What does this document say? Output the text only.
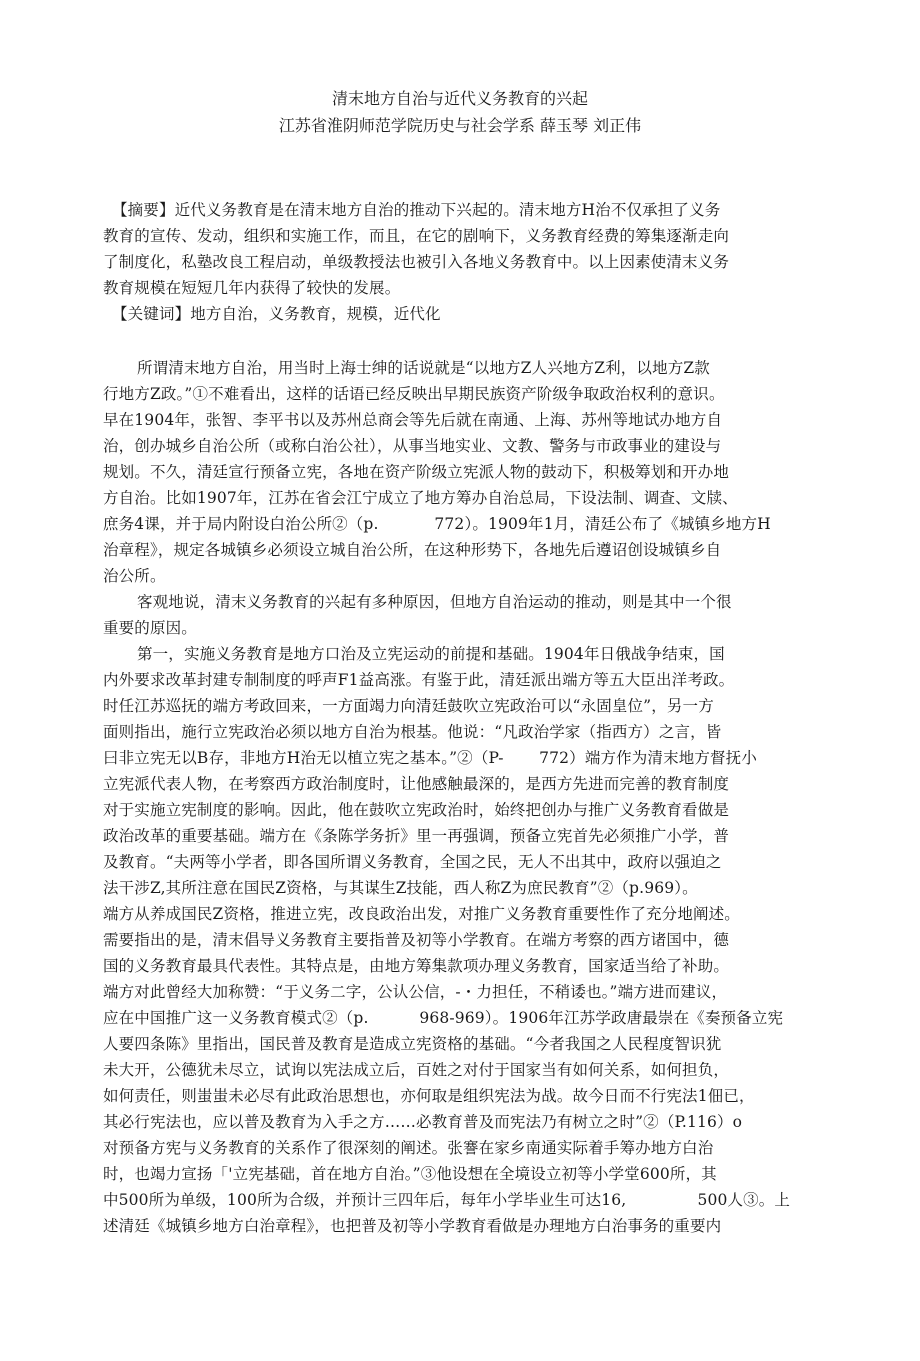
清末地方自治与近代义务教育的兴起
江苏省淮阴师范学院历史与社会学系 薛玉琴 刘正伟
【摘要】近代义务教育是在清末地方自治的推动下兴起的。清末地方H治不仅承担了义务
教育的宣传、发动，组织和实施工作，而且，在它的剧响下，义务教育经费的筹集逐渐走向
了制度化，私塾改良工程启动，单级教授法也被引入各地义务教育中。以上因素使清末义务
教育规模在短短几年内获得了较快的发展。
【关键词】地方自治，义务教育，规模，近代化
所谓清末地方自治，用当时上海士绅的话说就是“以地方Z人兴地方Z利，以地方Z款
行地方Z政。”①不难看出，这样的话语已经反映出早期民族资产阶级争取政治权利的意识。
早在1904年，张智、李平书以及苏州总商会等先后就在南通、上海、苏州等地试办地方自
治，创办城乡自治公所（或称白治公社），从事当地实业、文教、警务与市政事业的建设与
规划。不久，清廷宣行预备立宪，各地在资产阶级立宪派人物的鼓动下，积极筹划和开办地
方自治。比如1907年，江苏在省会江宁成立了地方筹办自治总局，下设法制、调查、文牍、
庶务4课，并于局内附设白治公所②（p.           772）。1909年1月，清廷公布了《城镇乡地方H
治章程》，规定各城镇乡必须设立城自治公所，在这种形势下，各地先后遵诏创设城镇乡自
治公所。
客观地说，清末义务教育的兴起有多种原因，但地方自治运动的推动，则是其中一个很
重要的原因。
第一，实施义务教育是地方口治及立宪运动的前提和基础。1904年日俄战争结束，国
内外要求改革封建专制制度的呼声F1益高涨。有鉴于此，清廷派出端方等五大臣出洋考政。
时任江苏巡抚的端方考政回来，一方面竭力向清廷鼓吹立宪政治可以“永固皇位”，另一方
面则指出，施行立宪政治必须以地方自治为根基。他说：“凡政治学家（指西方）之言，皆
曰非立宪无以B存，非地方H治无以植立宪之基本。”②（P-       772）端方作为清末地方督抚小
立宪派代表人物，在考察西方政治制度时，让他感触最深的，是西方先进而完善的教育制度
对于实施立宪制度的影响。因此，他在鼓吹立宪政治时，始终把创办与推广义务教育看做是
政治改革的重要基础。端方在《条陈学务折》里一再强调，预备立宪首先必须推广小学，普
及教育。“夫两等小学者，即各国所谓义务教育，全国之民，无人不出其中，政府以强迫之
法干涉Z,其所注意在国民Z资格，与其谋生Z技能，西人称Z为庶民教育”②（p.969）。
端方从养成国民Z资格，推进立宪，改良政治出发，对推广义务教育重要性作了充分地阐述。
需要指出的是，清末倡导义务教育主要指普及初等小学教育。在端方考察的西方诸国中，德
国的义务教育最具代表性。其特点是，由地方筹集款项办理义务教育，国家适当给了补助。
端方对此曾经大加称赞：“于义务二字，公认公信，-・力担任，不稍诿也。”端方进而建议，
应在中国推广这一义务教育模式②（p.          968-969）。1906年江苏学政唐最崇在《奏预备立宪
人要四条陈》里指出，国民普及教育是造成立宪资格的基础。“今者我国之人民程度智识犹
未大开，公德犹未尽立，试询以宪法成立后，百姓之对付于国家当有如何关系，如何担负，
如何责任，则蚩蚩未必尽有此政治思想也，亦何取是组织宪法为战。故今日而不行宪法1佃已，
其必行宪法也，应以普及教育为入手之方……必教育普及而宪法乃有树立之时”②（P.116）o
对预备方宪与义务教育的关系作了很深刻的阐述。张謇在家乡南通实际着手筹办地方白治
时，也竭力宣扬「'立宪基础，首在地方自治。”③他设想在全境设立初等小学堂600所，其
中500所为单级，100所为合级，并预计三四年后，每年小学毕业生可达16,              500人③。上
述清廷《城镇乡地方白治章程》，也把普及初等小学教育看做是办理地方白治事务的重要内
